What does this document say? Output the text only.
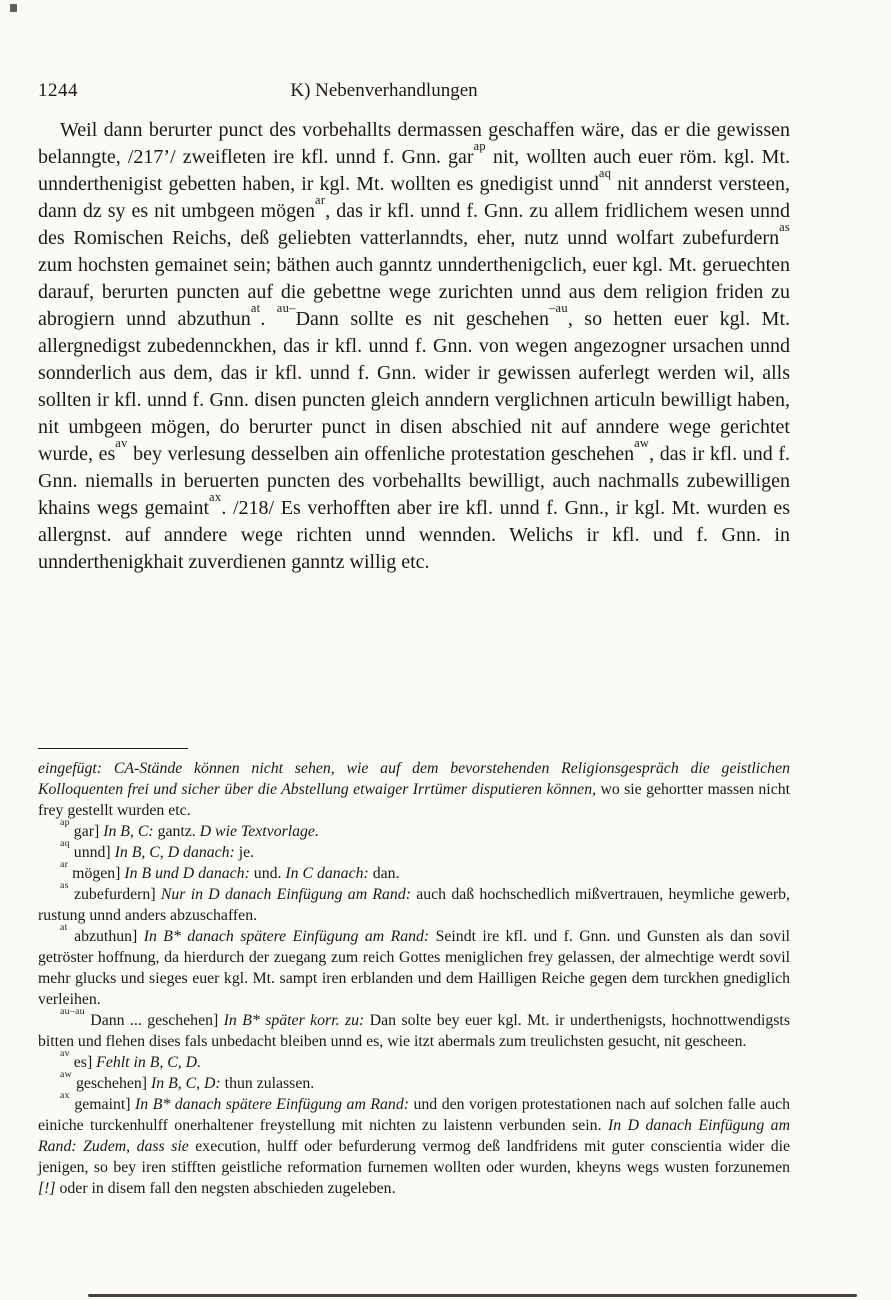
1244	K) Nebenverhandlungen

Weil dann berurter punct des vorbehallts dermassen geschaffen wäre, das er die gewissen belanngte, /217’/ zweifleten ire kfl. unnd f. Gnn. gar$^{ap}$ nit, wollten auch euer röm. kgl. Mt. unnderthenigist gebetten haben, ir kgl. Mt. wollten es gnedigist unnd$^{aq}$ nit annderst versteen, dann dz sy es nit umbgeen mögen$^{ar}$, das ir kfl. unnd f. Gnn. zu allem fridlichem wesen unnd des Romischen Reichs, deß geliebten vatterlanndts, eher, nutz unnd wolfart zubefurdern$^{as}$ zum hochsten gemainet sein; bäthen auch ganntz unnderthenigclich, euer kgl. Mt. geruechten darauf, berurten puncten auf die gebettne wege zurichten unnd aus dem religion friden zu abrogiern unnd abzuthun$^{at}$. $^{au-}$Dann sollte es nit geschehen$^{-au}$, so hetten euer kgl. Mt. allergnedigst zubedennckhen, das ir kfl. unnd f. Gnn. von wegen angezogner ursachen unnd sonnderlich aus dem, das ir kfl. unnd f. Gnn. wider ir gewissen auferlegt werden wil, alls sollten ir kfl. unnd f. Gnn. disen puncten gleich anndern verglichnen articuln bewilligt haben, nit umbgeen mögen, do berurter punct in disen abschied nit auf anndere wege gerichtet wurde, $es^{av}$ bey verlesung desselben ain offenliche protestation geschehen$^{aw}$, das ir kfl. und f. Gnn. niemalls in beruerten puncten des vorbehallts bewilligt, auch nachmalls zubewilligen khains wegs gemaint$^{ax}$. /218/ Es verhofften aber ire kfl. unnd f. Gnn., ir kgl. Mt. wurden es allergnst. auf anndere wege richten unnd wennden. Welichs ir kfl. und f. Gnn. in unnderthenigkhait zuverdienen ganntz willig etc.

eingefügt: CA-Stände können nicht sehen, wie auf dem bevorstehenden Religionsgespräch die geistlichen Kolloquenten frei und sicher über die Abstellung etwaiger Irrtümer disputieren können, wo sie gehortter massen nicht frey gestellt wurden etc.

$^{ap}$ gar] In B, C: gantz. D wie Textvorlage.

$^{aq}$ unnd] In B, C, D danach: je.

$^{ar}$ mögen] In B und D danach: und. In C danach: dan.

$^{as}$ zubefurdern] Nur in D danach Einfügung am Rand: auch daß hochschedlich mißvertrauen, heymliche gewerb, rustung unnd anders abzuschaffen.

$^{at}$ abzuthun] In B* danach spätere Einfügung am Rand: Seindt ire kfl. und f. Gnn. und Gunsten als dan sovil getröster hoffnung, da hierdurch der zuegang zum reich Gottes meniglichen frey gelassen, der almechtige werdt sovil mehr glucks und sieges euer kgl. Mt. sampt iren erblanden und dem Hailligen Reiche gegen dem turckhen gnediglich verleihen.

$^{au-au}$ Dann ... geschehen] In B* später korr. zu: Dan solte bey euer kgl. Mt. ir underthenigsts, hochnottwendigsts bitten und flehen dises fals unbedacht bleiben unnd es, wie itzt abermals zum treulichsten gesucht, nit gescheen.

$^{av}$ es] Fehlt in B, C, D.

$^{aw}$ geschehen] In B, C, D: thun zulassen.

$^{ax}$ gemaint] In B* danach spätere Einfügung am Rand: und den vorigen protestationen nach auf solchen falle auch einiche turckenhulff onerhaltener freystellung mit nichten zu laistenn verbunden sein. In D danach Einfügung am Rand: Zudem, dass sie execution, hulff oder befurderung vermog deß landfridens mit guter conscientia wider die jenigen, so bey iren stifften geistliche reformation furnemen wollten oder wurden, kheyns wegs wusten forzunemen [!] oder in disem fall den negsten abschieden zugeleben.
